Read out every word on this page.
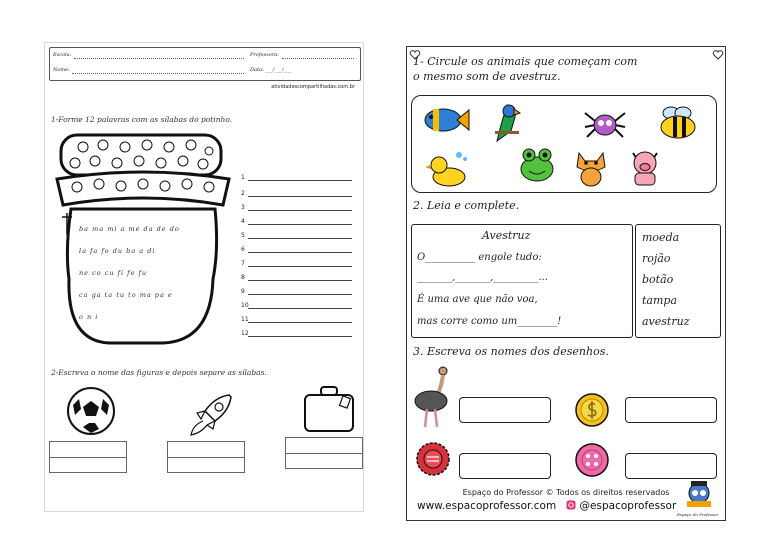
Escola:	Professora:
Nome:	Data: ___/___/___
atividadescompartilhadas.com.br
1-Forme 12 palavras com as sílabas do potinho.
ba ma mi a me da de do
la fa fo du ba a di
ne co cu fi fe fu
ca ga ta tu to ma pa e
o n i
1
2
3
4
5
6
7
8
9
10
11
12
2-Escreva o nome das figuras e depois separe as sílabas.
1- Circule os animais que começam com
o mesmo som de avestruz.
2. Leia e complete.
Avestruz
O__________ engole tudo:
_______,_______,_________...
É uma ave que não voa,
mas corre como um________!
moeda
rojão
botão
tampa
avestruz
3. Escreva os nomes dos desenhos.
Espaço do Professor © Todos os direitos reservados
www.espacoprofessor.com @espacoprofessor
Espaço do Professor
